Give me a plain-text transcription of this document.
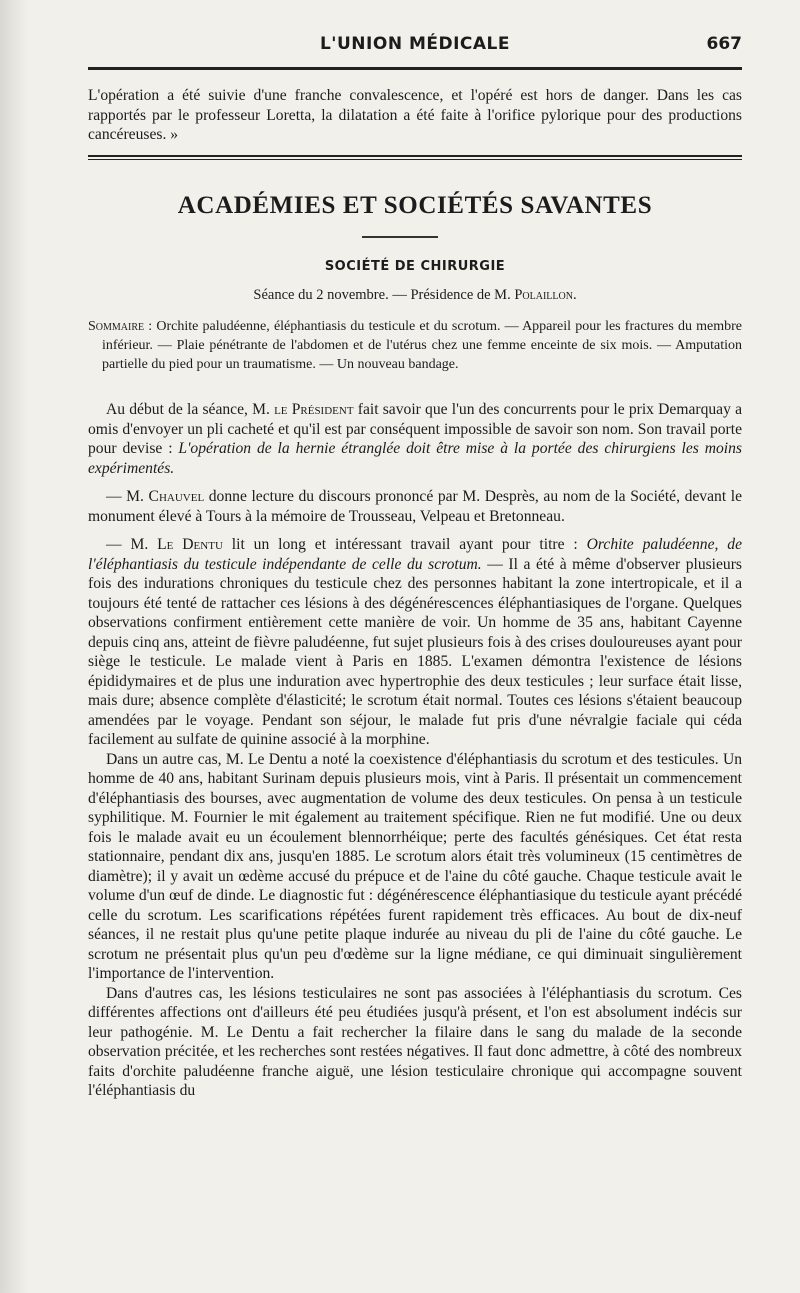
L'UNION MÉDICALE	667
L'opération a été suivie d'une franche convalescence, et l'opéré est hors de danger. Dans les cas rapportés par le professeur Loretta, la dilatation a été faite à l'orifice pylorique pour des productions cancéreuses. »
ACADÉMIES ET SOCIÉTÉS SAVANTES
SOCIÉTÉ DE CHIRURGIE
Séance du 2 novembre. — Présidence de M. Polaillon.
Sommaire : Orchite paludéenne, éléphantiasis du testicule et du scrotum. — Appareil pour les fractures du membre inférieur. — Plaie pénétrante de l'abdomen et de l'utérus chez une femme enceinte de six mois. — Amputation partielle du pied pour un traumatisme. — Un nouveau bandage.

Au début de la séance, M. le Président fait savoir que l'un des concurrents pour le prix Demarquay a omis d'envoyer un pli cacheté et qu'il est par conséquent impossible de savoir son nom. Son travail porte pour devise : L'opération de la hernie étranglée doit être mise à la portée des chirurgiens les moins expérimentés.

— M. Chauvel donne lecture du discours prononcé par M. Desprès, au nom de la Société, devant le monument élevé à Tours à la mémoire de Trousseau, Velpeau et Bretonneau.

— M. Le Dentu lit un long et intéressant travail ayant pour titre : Orchite paludéenne, de l'éléphantiasis du testicule indépendante de celle du scrotum. — Il a été à même d'observer plusieurs fois des indurations chroniques du testicule chez des personnes habitant la zone intertropicale, et il a toujours été tenté de rattacher ces lésions à des dégénérescences éléphantiasiques de l'organe. Quelques observations confirment entièrement cette manière de voir. Un homme de 35 ans, habitant Cayenne depuis cinq ans, atteint de fièvre paludéenne, fut sujet plusieurs fois à des crises douloureuses ayant pour siège le testicule. Le malade vient à Paris en 1885. L'examen démontra l'existence de lésions épididymaires et de plus une induration avec hypertrophie des deux testicules ; leur surface était lisse, mais dure; absence complète d'élasticité; le scrotum était normal. Toutes ces lésions s'étaient beaucoup amendées par le voyage. Pendant son séjour, le malade fut pris d'une névralgie faciale qui céda facilement au sulfate de quinine associé à la morphine.

Dans un autre cas, M. Le Dentu a noté la coexistence d'éléphantiasis du scrotum et des testicules. Un homme de 40 ans, habitant Surinam depuis plusieurs mois, vint à Paris. Il présentait un commencement d'éléphantiasis des bourses, avec augmentation de volume des deux testicules. On pensa à un testicule syphilitique. M. Fournier le mit également au traitement spécifique. Rien ne fut modifié. Une ou deux fois le malade avait eu un écoulement blennorrhéique; perte des facultés génésiques. Cet état resta stationnaire, pendant dix ans, jusqu'en 1885. Le scrotum alors était très volumineux (15 centimètres de diamètre); il y avait un œdème accusé du prépuce et de l'aine du côté gauche. Chaque testicule avait le volume d'un œuf de dinde. Le diagnostic fut : dégénérescence éléphantiasique du testicule ayant précédé celle du scrotum. Les scarifications répétées furent rapidement très efficaces. Au bout de dix-neuf séances, il ne restait plus qu'une petite plaque indurée au niveau du pli de l'aine du côté gauche. Le scrotum ne présentait plus qu'un peu d'œdème sur la ligne médiane, ce qui diminuait singulièrement l'importance de l'intervention.

Dans d'autres cas, les lésions testiculaires ne sont pas associées à l'éléphantiasis du scrotum. Ces différentes affections ont d'ailleurs été peu étudiées jusqu'à présent, et l'on est absolument indécis sur leur pathogénie. M. Le Dentu a fait rechercher la filaire dans le sang du malade de la seconde observation précitée, et les recherches sont restées négatives. Il faut donc admettre, à côté des nombreux faits d'orchite paludéenne franche aiguë, une lésion testiculaire chronique qui accompagne souvent l'éléphantiasis du
